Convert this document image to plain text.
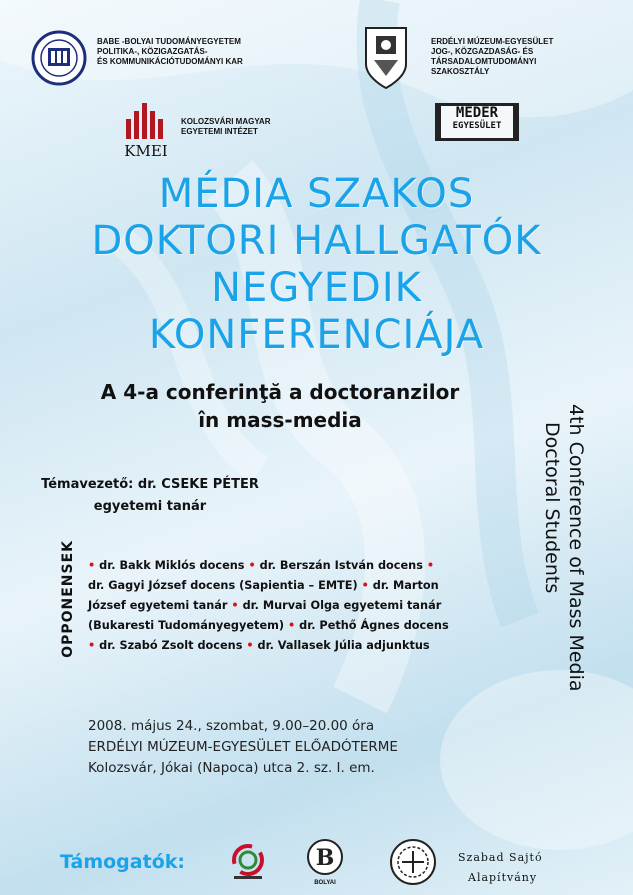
BABE -BOLYAI TUDOMÁNYEGYETEM
POLITIKA-, KÖZIGAZGATÁS-
ÉS KOMMUNIKÁCIÓTUDOMÁNYI KAR
ERDÉLYI MÚZEUM-EGYESÜLET
JOG-, KÖZGAZDASÁG- ÉS
TÁRSADALOMTUDOMÁNYI
SZAKOSZTÁLY
KMEI
KOLOZSVÁRI MAGYAR
EGYETEMI INTÉZET
MEDER
EGYESÜLET
MÉDIA SZAKOS
DOKTORI HALLGATÓK
NEGYEDIK
KONFERENCIÁJA
A 4-a conferinţă a doctoranzilor
în mass-media	4th Conference of Mass Media
Doctoral Students
Témavezető: dr. CSEKE PÉTER
egyetemi tanár
OPPONENSEK • dr. Bakk Miklós docens • dr. Berszán István docens •
dr. Gagyi József docens (Sapientia – EMTE) • dr. Marton
József egyetemi tanár • dr. Murvai Olga egyetemi tanár
(Bukaresti Tudományegyetem) • dr. Pethő Ágnes docens
• dr. Szabó Zsolt docens • dr. Vallasek Júlia adjunktus
2008. május 24., szombat, 9.00–20.00 óra
ERDÉLYI MÚZEUM-EGYESÜLET ELŐADÓTERME
Kolozsvár, Jókai (Napoca) utca 2. sz. I. em.
Támogatók:	B
BOLYAI
Szabad Sajtó
Alapítvány
